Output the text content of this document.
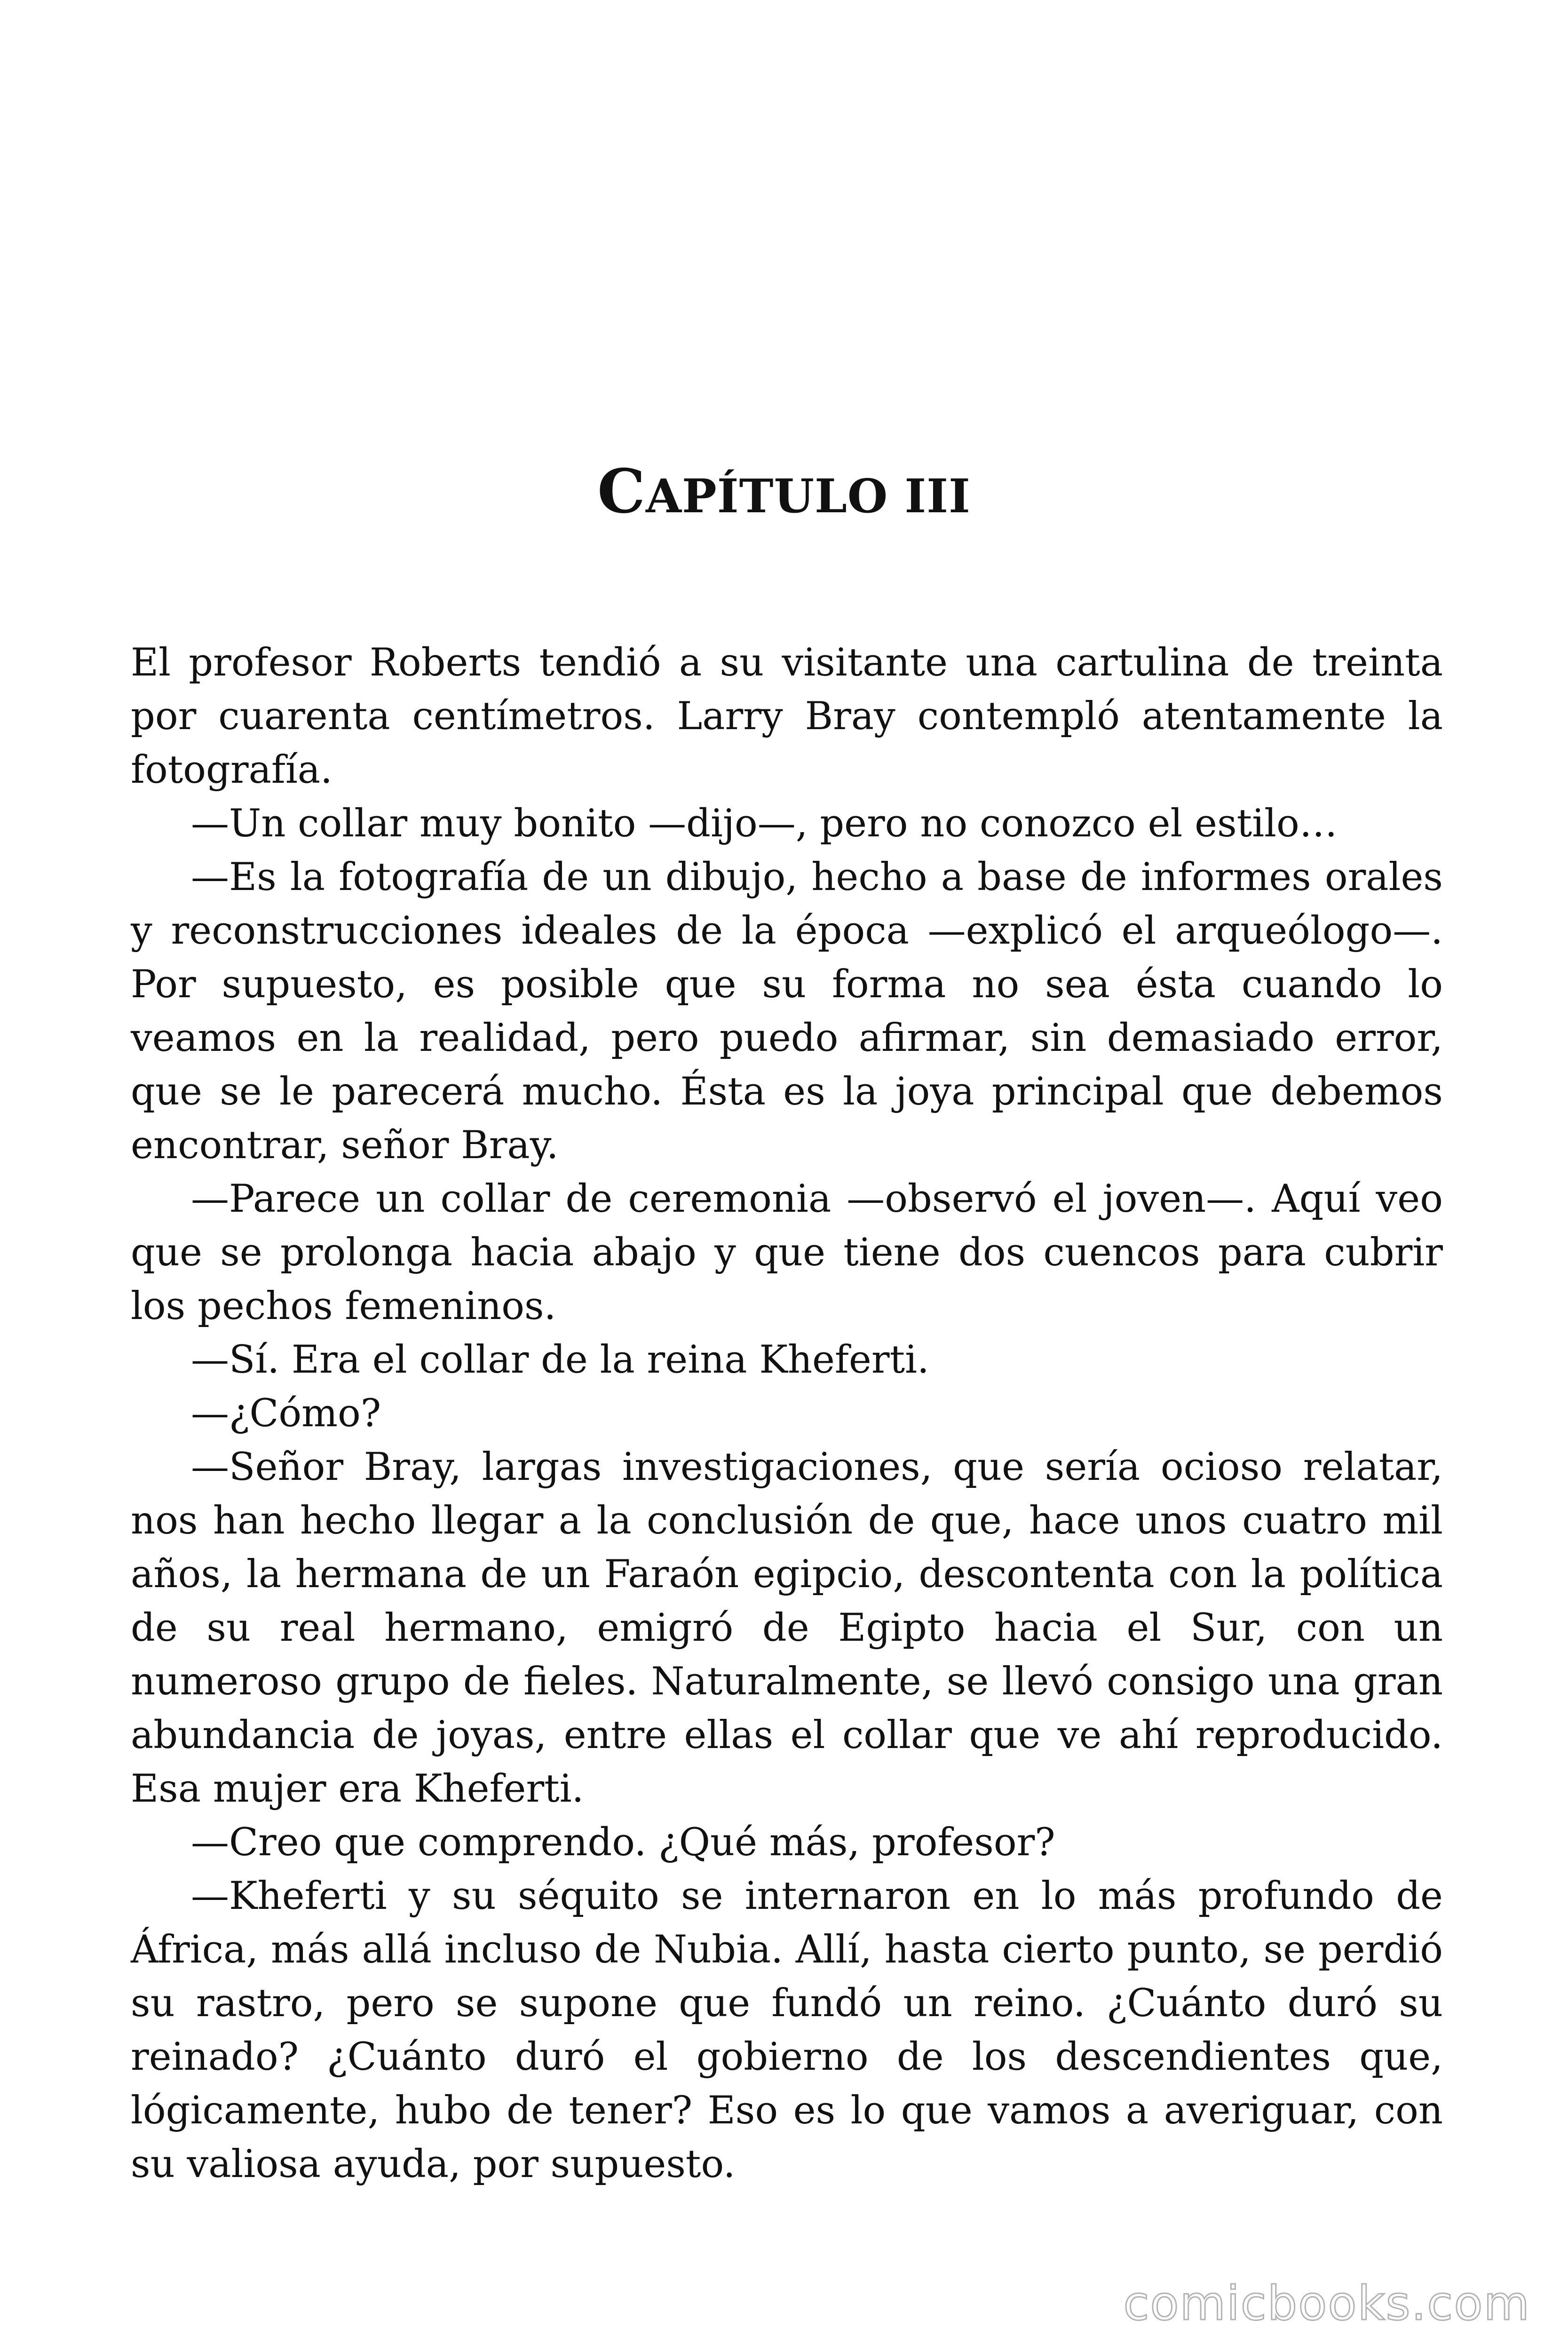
CAPÍTULO III

El profesor Roberts tendió a su visitante una cartulina de treinta por cuarenta centímetros. Larry Bray contempló atentamente la fotografía.

—Un collar muy bonito —dijo—, pero no conozco el estilo…

—Es la fotografía de un dibujo, hecho a base de informes orales y reconstrucciones ideales de la época —explicó el arqueólogo—. Por supuesto, es posible que su forma no sea ésta cuando lo veamos en la realidad, pero puedo afirmar, sin demasiado error, que se le parecerá mucho. Ésta es la joya principal que debemos encontrar, señor Bray.

—Parece un collar de ceremonia —observó el joven—. Aquí veo que se prolonga hacia abajo y que tiene dos cuencos para cubrir los pechos femeninos.

—Sí. Era el collar de la reina Kheferti.

—¿Cómo?

—Señor Bray, largas investigaciones, que sería ocioso relatar, nos han hecho llegar a la conclusión de que, hace unos cuatro mil años, la hermana de un Faraón egipcio, descontenta con la política de su real hermano, emigró de Egipto hacia el Sur, con un numeroso grupo de fieles. Naturalmente, se llevó consigo una gran abundancia de joyas, entre ellas el collar que ve ahí reproducido. Esa mujer era Kheferti.

—Creo que comprendo. ¿Qué más, profesor?

—Kheferti y su séquito se internaron en lo más profundo de África, más allá incluso de Nubia. Allí, hasta cierto punto, se perdió su rastro, pero se supone que fundó un reino. ¿Cuánto duró su reinado? ¿Cuánto duró el gobierno de los descendientes que, lógicamente, hubo de tener? Eso es lo que vamos a averiguar, con su valiosa ayuda, por supuesto.

comicbooks.com
